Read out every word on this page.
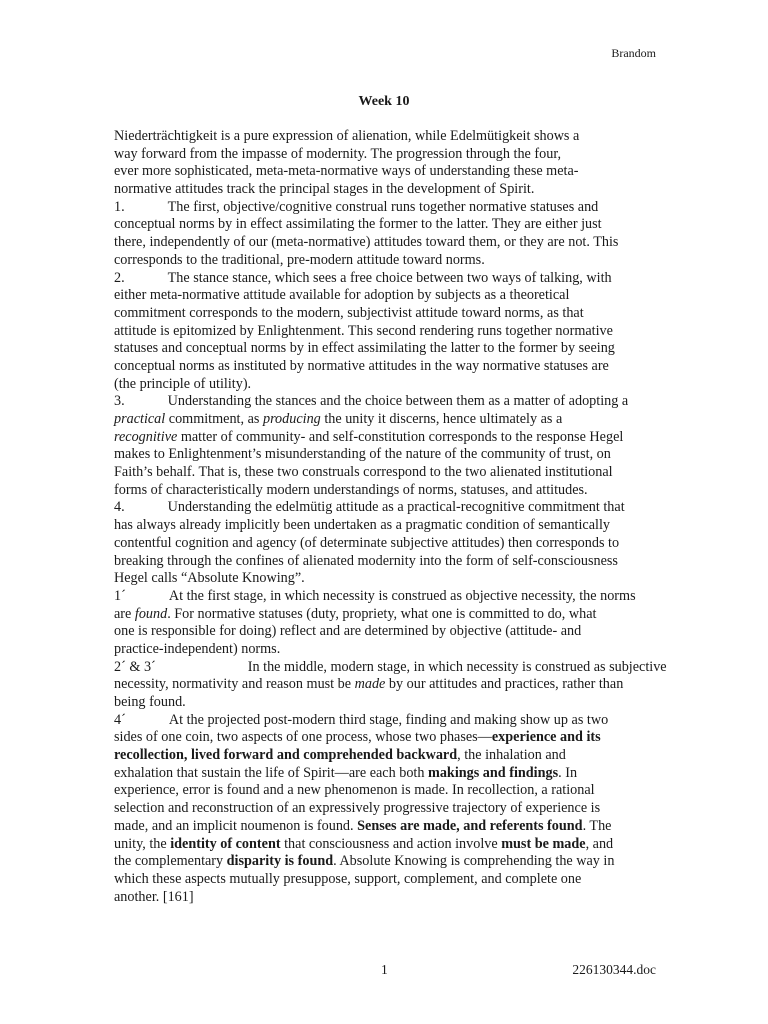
Brandom
Week 10
Niederträchtigkeit is a pure expression of alienation, while Edelmütigkeit shows a
way forward from the impasse of modernity. The progression through the four,
ever more sophisticated, meta-meta-normative ways of understanding these meta-
normative attitudes track the principal stages in the development of Spirit.
1.	The first, objective/cognitive construal runs together normative statuses and
conceptual norms by in effect assimilating the former to the latter. They are either just
there, independently of our (meta-normative) attitudes toward them, or they are not. This
corresponds to the traditional, pre-modern attitude toward norms.
2.	The stance stance, which sees a free choice between two ways of talking, with
either meta-normative attitude available for adoption by subjects as a theoretical
commitment corresponds to the modern, subjectivist attitude toward norms, as that
attitude is epitomized by Enlightenment. This second rendering runs together normative
statuses and conceptual norms by in effect assimilating the latter to the former by seeing
conceptual norms as instituted by normative attitudes in the way normative statuses are
(the principle of utility).
3.	Understanding the stances and the choice between them as a matter of adopting a
practical commitment, as producing the unity it discerns, hence ultimately as a
recognitive matter of community- and self-constitution corresponds to the response Hegel
makes to Enlightenment’s misunderstanding of the nature of the community of trust, on
Faith’s behalf. That is, these two construals correspond to the two alienated institutional
forms of characteristically modern understandings of norms, statuses, and attitudes.
4.	Understanding the edelmütig attitude as a practical-recognitive commitment that
has always already implicitly been undertaken as a pragmatic condition of semantically
contentful cognition and agency (of determinate subjective attitudes) then corresponds to
breaking through the confines of alienated modernity into the form of self-consciousness
Hegel calls “Absolute Knowing”.
1´	At the first stage, in which necessity is construed as objective necessity, the norms
are found. For normative statuses (duty, propriety, what one is committed to do, what
one is responsible for doing) reflect and are determined by objective (attitude- and
practice-independent) norms.
2´ & 3´	In the middle, modern stage, in which necessity is construed as subjective
necessity, normativity and reason must be made by our attitudes and practices, rather than
being found.
4´	At the projected post-modern third stage, finding and making show up as two
sides of one coin, two aspects of one process, whose two phases—experience and its
recollection, lived forward and comprehended backward, the inhalation and
exhalation that sustain the life of Spirit—are each both makings and findings. In
experience, error is found and a new phenomenon is made. In recollection, a rational
selection and reconstruction of an expressively progressive trajectory of experience is
made, and an implicit noumenon is found. Senses are made, and referents found. The
unity, the identity of content that consciousness and action involve must be made, and
the complementary disparity is found. Absolute Knowing is comprehending the way in
which these aspects mutually presuppose, support, complement, and complete one
another. [161]
1	226130344.doc
